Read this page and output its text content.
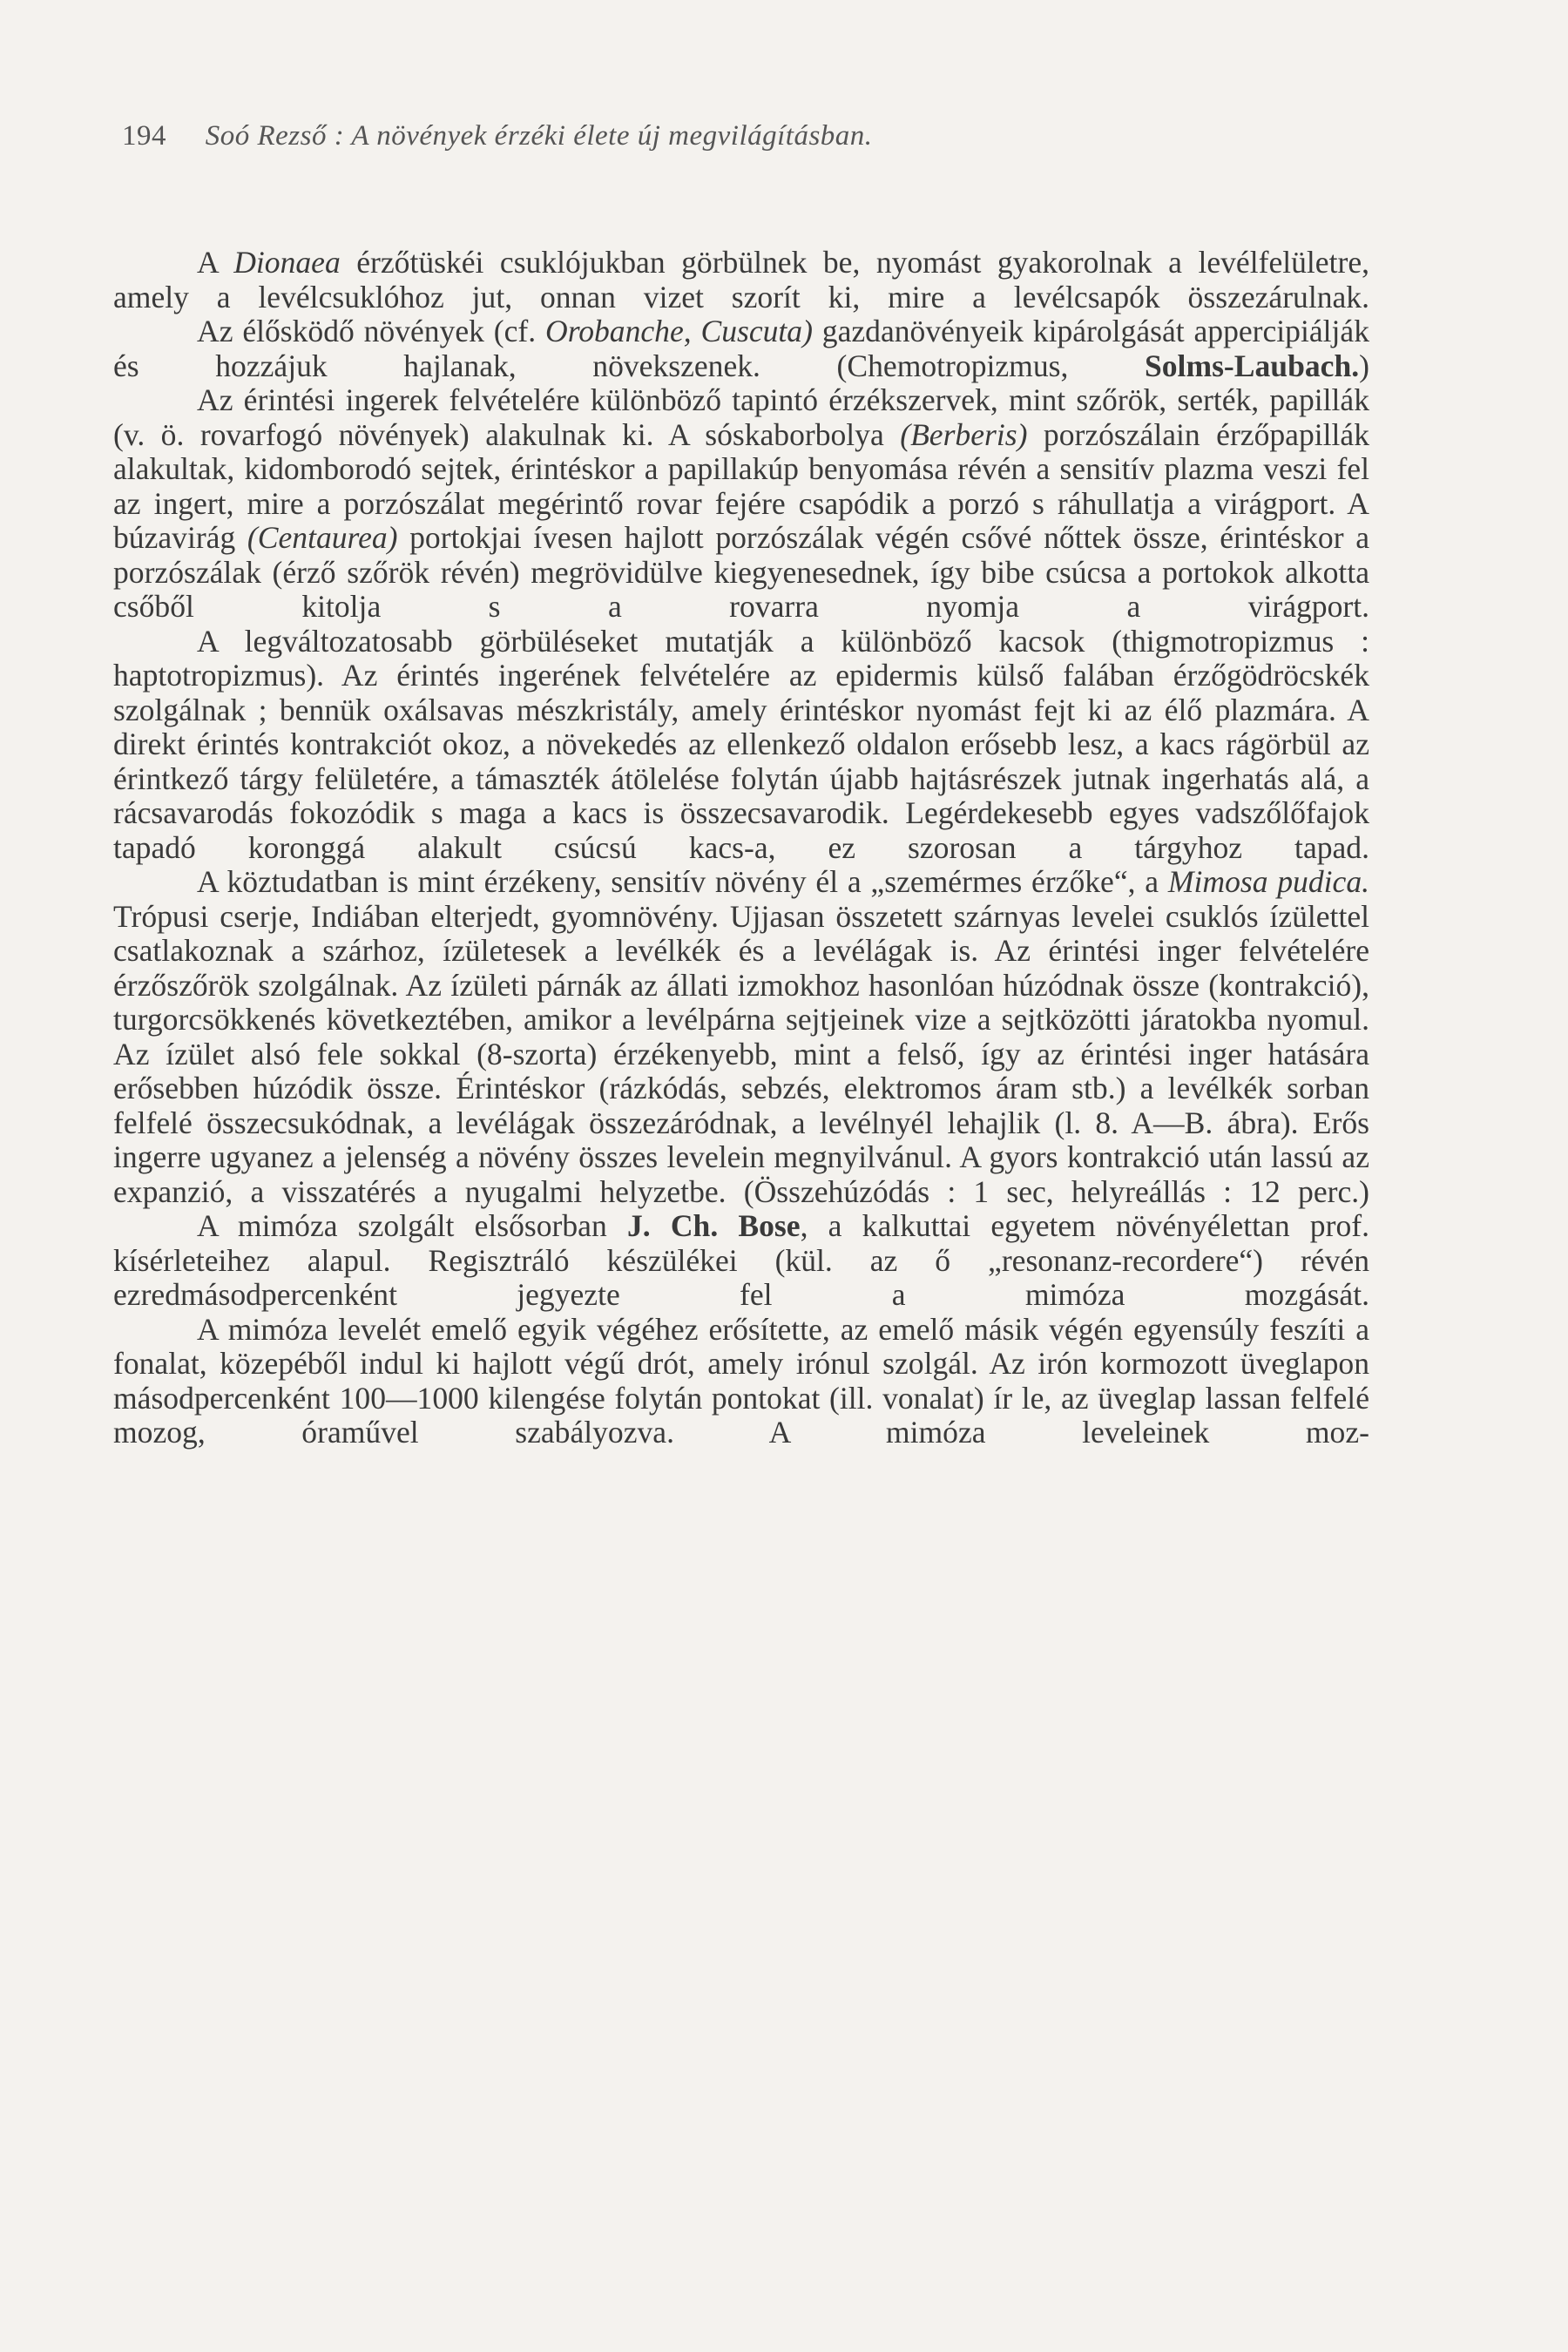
194 Soó Rezső : A növények érzéki élete új megvilágításban.

A Dionaea érzőtüskéi csuklójukban görbülnek be, nyomást gyakorolnak a levélfelületre, amely a levélcsuklóhoz jut, onnan vizet szorít ki, mire a levélcsapók összezárulnak.

Az élősködő növények (cf. Orobanche, Cuscuta) gazdanövényeik kipárolgását appercipiálják és hozzájuk hajlanak, növekszenek. (Chemotropizmus, Solms-Laubach.)

Az érintési ingerek felvételére különböző tapintó érzékszervek, mint szőrök, serték, papillák (v. ö. rovarfogó növények) alakulnak ki. A sóskaborbolya (Berberis) porzószálain érzőpapillák alakultak, kidomborodó sejtek, érintéskor a papillakúp benyomása révén a sensitív plazma veszi fel az ingert, mire a porzószálat megérintő rovar fejére csapódik a porzó s ráhullatja a virágport. A búzavirág (Centaurea) portokjai ívesen hajlott porzószálak végén csővé nőttek össze, érintéskor a porzószálak (érző szőrök révén) megrövidülve kiegyenesednek, így bibe csúcsa a portokok alkotta csőből kitolja s a rovarra nyomja a virágport.

A legváltozatosabb görbüléseket mutatják a különböző kacsok (thigmotropizmus : haptotropizmus). Az érintés ingerének felvételére az epidermis külső falában érzőgödröcskék szolgálnak ; bennük oxálsavas mészkristály, amely érintéskor nyomást fejt ki az élő plazmára. A direkt érintés kontrakciót okoz, a növekedés az ellenkező oldalon erősebb lesz, a kacs rágörbül az érintkező tárgy felületére, a támaszték átölelése folytán újabb hajtásrészek jutnak ingerhatás alá, a rácsavarodás fokozódik s maga a kacs is összecsavarodik. Legérdekesebb egyes vadszőlőfajok tapadó koronggá alakult csúcsú kacs-a, ez szorosan a tárgyhoz tapad.

A köztudatban is mint érzékeny, sensitív növény él a „szemérmes érzőke“, a Mimosa pudica. Trópusi cserje, Indiában elterjedt, gyomnövény. Ujjasan összetett szárnyas levelei csuklós ízülettel csatlakoznak a szárhoz, ízületesek a levélkék és a levélágak is. Az érintési inger felvételére érzőszőrök szolgálnak. Az ízületi párnák az állati izmokhoz hasonlóan húzódnak össze (kontrakció), turgorcsökkenés következtében, amikor a levélpárna sejtjeinek vize a sejtközötti járatokba nyomul. Az ízület alsó fele sokkal (8-szorta) érzékenyebb, mint a felső, így az érintési inger hatására erősebben húzódik össze. Érintéskor (rázkódás, sebzés, elektromos áram stb.) a levélkék sorban felfelé összecsukódnak, a levélágak összezáródnak, a levélnyél lehajlik (l. 8. A—B. ábra). Erős ingerre ugyanez a jelenség a növény összes levelein megnyilvánul. A gyors kontrakció után lassú az expanzió, a visszatérés a nyugalmi helyzetbe. (Összehúzódás : 1 sec, helyreállás : 12 perc.)

A mimóza szolgált elsősorban J. Ch. Bose, a kalkuttai egyetem növényélettan prof. kísérleteihez alapul. Regisztráló készülékei (kül. az ő „resonanz-recordere“) révén ezredmásodpercenként jegyezte fel a mimóza mozgását.

A mimóza levelét emelő egyik végéhez erősítette, az emelő másik végén egyensúly feszíti a fonalat, közepéből indul ki hajlott végű drót, amely irónul szolgál. Az irón kormozott üveglapon másodpercenként 100—1000 kilengése folytán pontokat (ill. vonalat) ír le, az üveglap lassan felfelé mozog, óraművel szabályozva. A mimóza leveleinek moz-
